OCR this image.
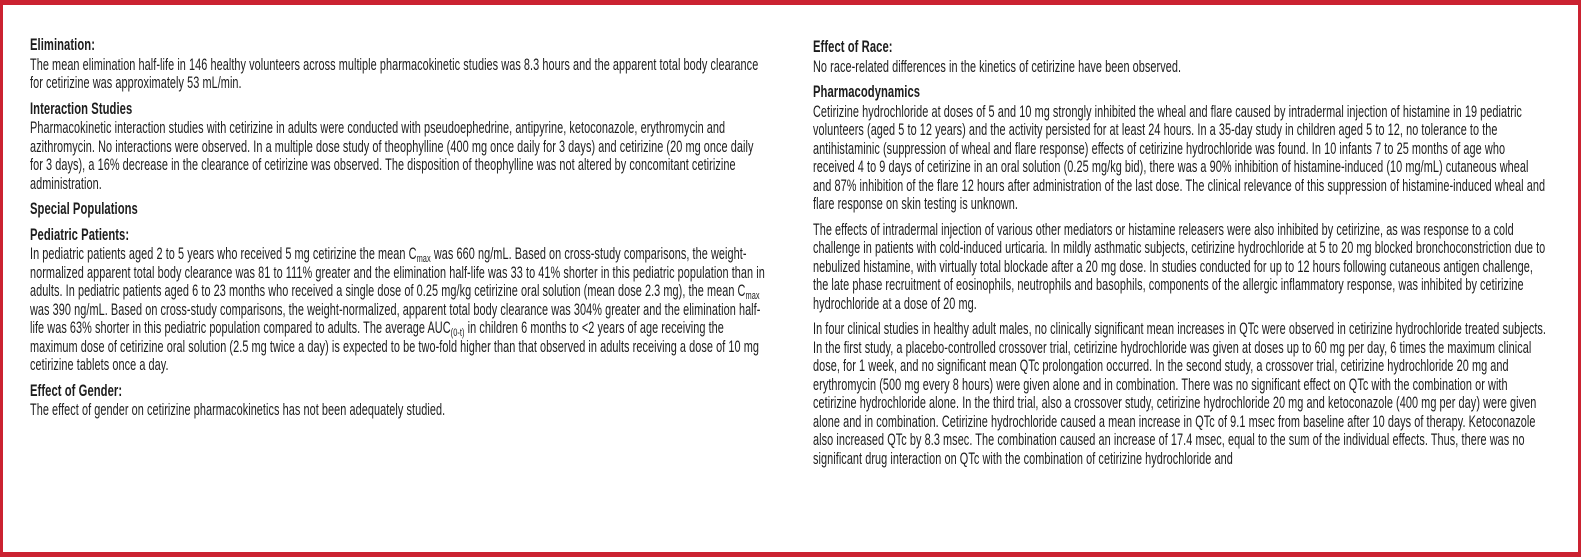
Elimination:

The mean elimination half-life in 146 healthy volunteers across multiple pharmacokinetic studies was 8.3 hours and the apparent total body clearance for cetirizine was approximately 53 mL/min.

Interaction Studies

Pharmacokinetic interaction studies with cetirizine in adults were conducted with pseudoephedrine, antipyrine, ketoconazole, erythromycin and azithromycin. No interactions were observed. In a multiple dose study of theophylline (400 mg once daily for 3 days) and cetirizine (20 mg once daily for 3 days), a 16% decrease in the clearance of cetirizine was observed. The disposition of theophylline was not altered by concomitant cetirizine administration.

Special Populations
Pediatric Patients:

In pediatric patients aged 2 to 5 years who received 5 mg cetirizine the mean $C_{max}$ was 660 ng/mL. Based on cross-study comparisons, the weight-normalized apparent total body clearance was 81 to 111% greater and the elimination half-life was 33 to 41% shorter in this pediatric population than in adults. In pediatric patients aged 6 to 23 months who received a single dose of 0.25 mg/kg cetirizine oral solution (mean dose 2.3 mg), the mean $C_{max}$ was 390 ng/mL. Based on cross-study comparisons, the weight-normalized, apparent total body clearance was 304% greater and the elimination half-life was 63% shorter in this pediatric population compared to adults. The average $AUC_{(0-t)}$ in children 6 months to <2 years of age receiving the maximum dose of cetirizine oral solution (2.5 mg twice a day) is expected to be two-fold higher than that observed in adults receiving a dose of 10 mg cetirizine tablets once a day.

Effect of Gender:

The effect of gender on cetirizine pharmacokinetics has not been adequately studied.

Effect of Race:

No race-related differences in the kinetics of cetirizine have been observed.

Pharmacodynamics

Cetirizine hydrochloride at doses of 5 and 10 mg strongly inhibited the wheal and flare caused by intradermal injection of histamine in 19 pediatric volunteers (aged 5 to 12 years) and the activity persisted for at least 24 hours. In a 35-day study in children aged 5 to 12, no tolerance to the antihistaminic (suppression of wheal and flare response) effects of cetirizine hydrochloride was found. In 10 infants 7 to 25 months of age who received 4 to 9 days of cetirizine in an oral solution (0.25 mg/kg bid), there was a 90% inhibition of histamine-induced (10 mg/mL) cutaneous wheal and 87% inhibition of the flare 12 hours after administration of the last dose. The clinical relevance of this suppression of histamine-induced wheal and flare response on skin testing is unknown.

The effects of intradermal injection of various other mediators or histamine releasers were also inhibited by cetirizine, as was response to a cold challenge in patients with cold-induced urticaria. In mildly asthmatic subjects, cetirizine hydrochloride at 5 to 20 mg blocked bronchoconstriction due to nebulized histamine, with virtually total blockade after a 20 mg dose. In studies conducted for up to 12 hours following cutaneous antigen challenge, the late phase recruitment of eosinophils, neutrophils and basophils, components of the allergic inflammatory response, was inhibited by cetirizine hydrochloride at a dose of 20 mg.

In four clinical studies in healthy adult males, no clinically significant mean increases in QTc were observed in cetirizine hydrochloride treated subjects. In the first study, a placebo-controlled crossover trial, cetirizine hydrochloride was given at doses up to 60 mg per day, 6 times the maximum clinical dose, for 1 week, and no significant mean QTc prolongation occurred. In the second study, a crossover trial, cetirizine hydrochloride 20 mg and erythromycin (500 mg every 8 hours) were given alone and in combination. There was no significant effect on QTc with the combination or with cetirizine hydrochloride alone. In the third trial, also a crossover study, cetirizine hydrochloride 20 mg and ketoconazole (400 mg per day) were given alone and in combination. Cetirizine hydrochloride caused a mean increase in QTc of 9.1 msec from baseline after 10 days of therapy. Ketoconazole also increased QTc by 8.3 msec. The combination caused an increase of 17.4 msec, equal to the sum of the individual effects. Thus, there was no significant drug interaction on QTc with the combination of cetirizine hydrochloride and
